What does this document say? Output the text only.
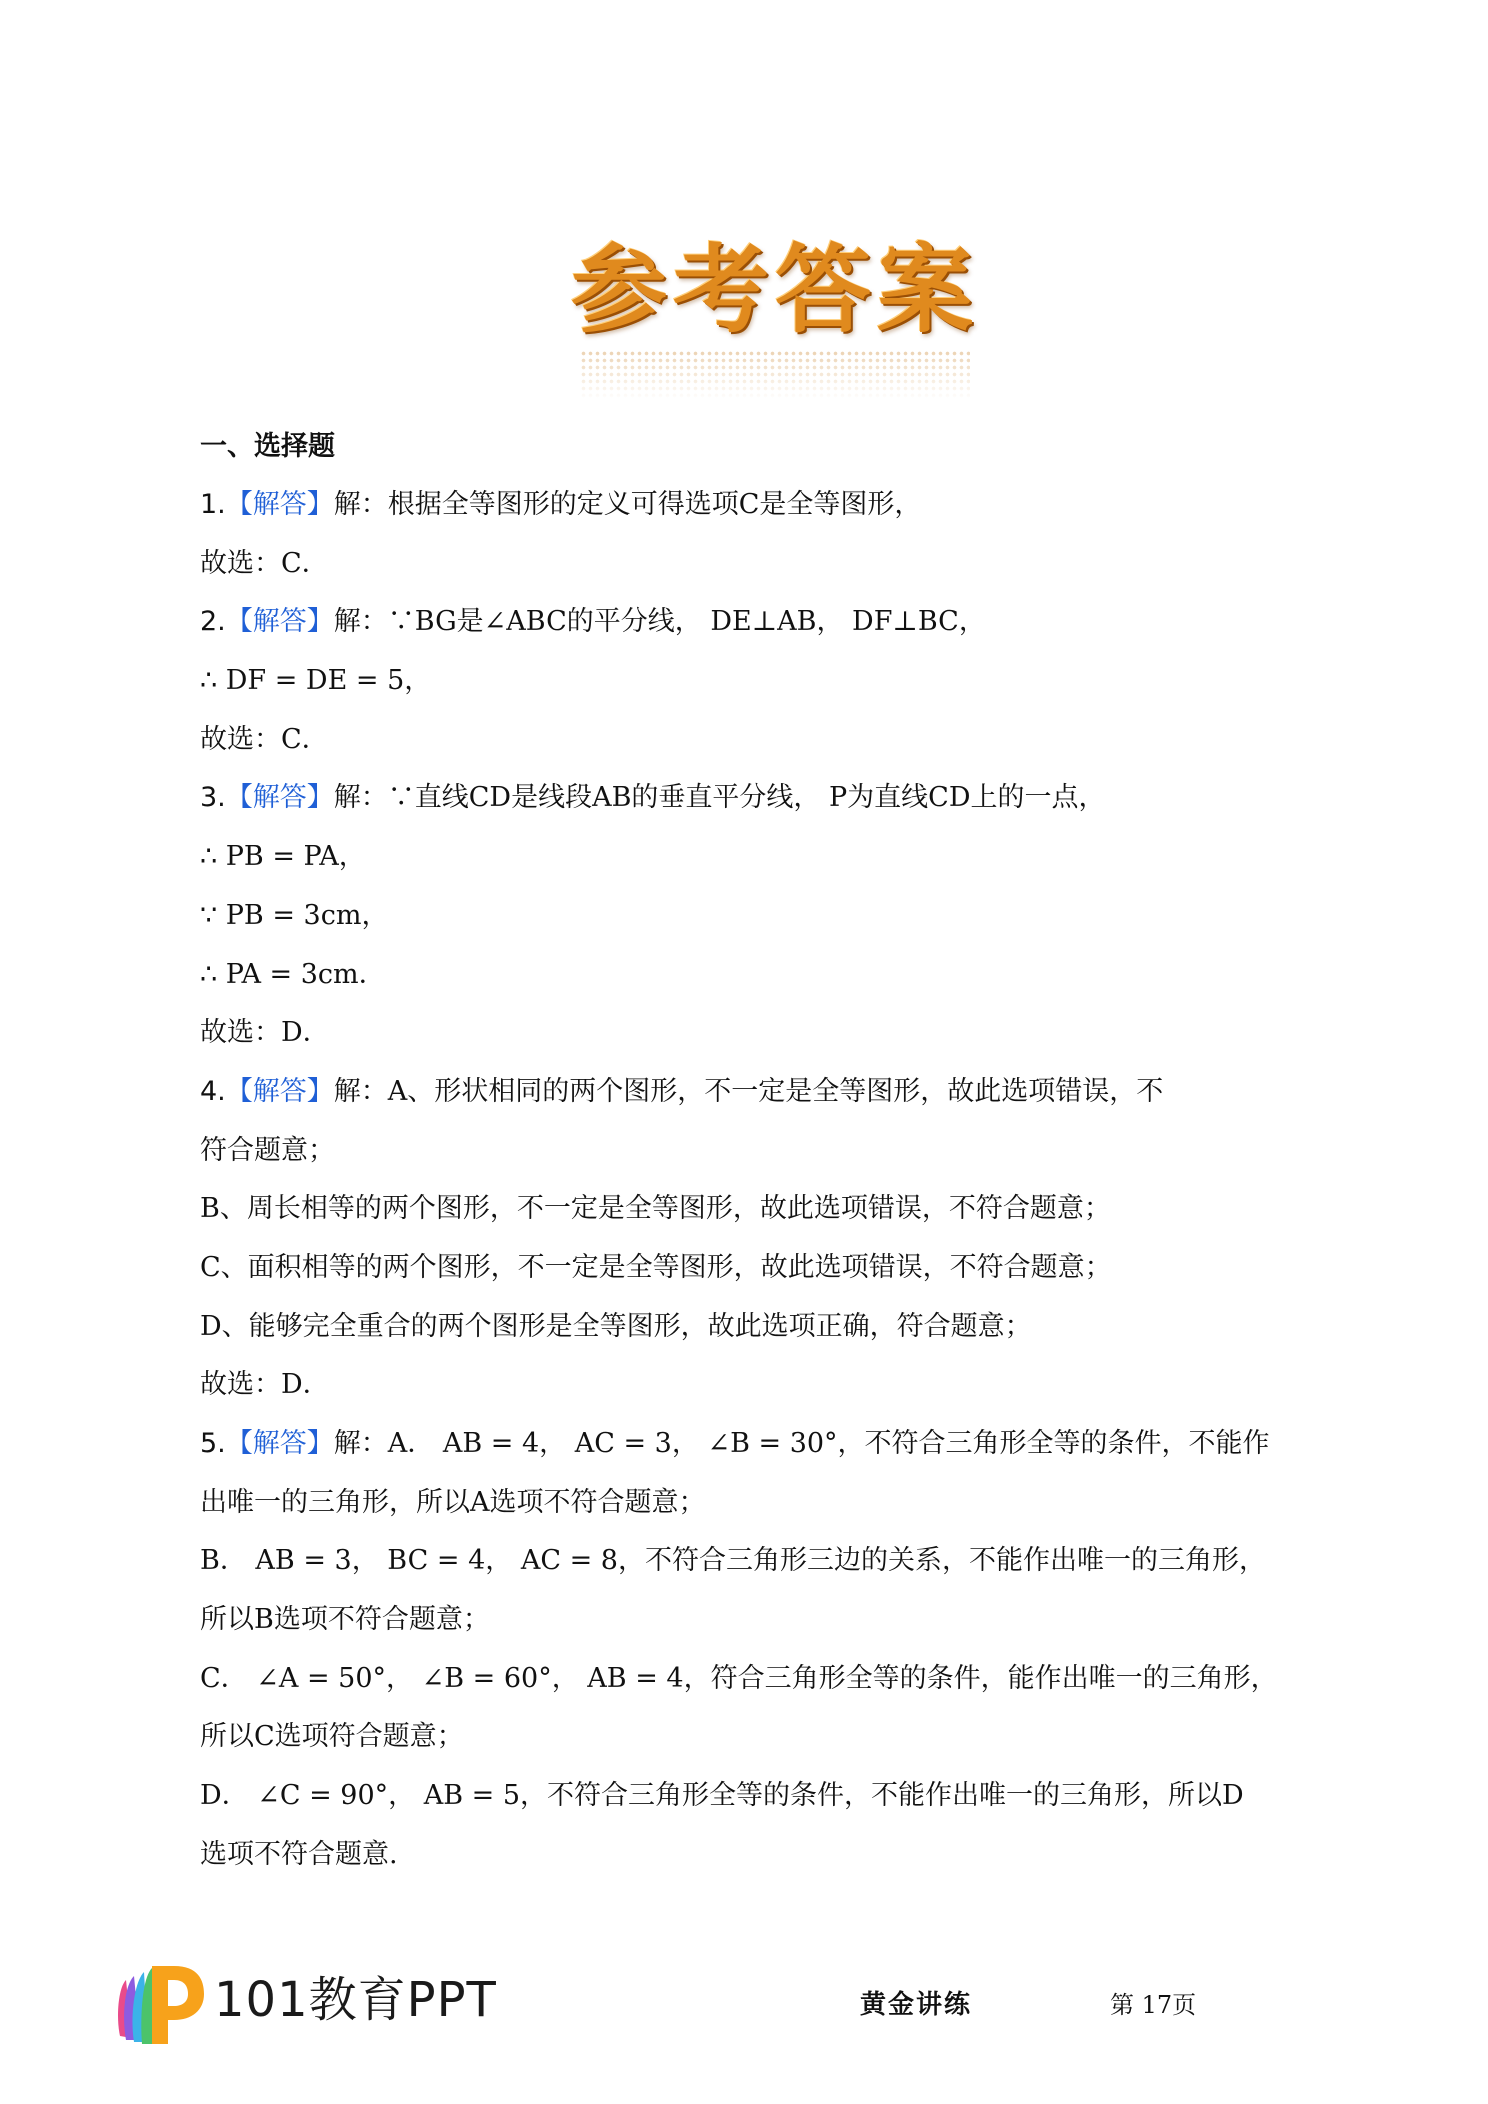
参考答案
一、选择题
1.【解答】解：根据全等图形的定义可得选项C是全等图形，
故选：C．
2.【解答】解：∵BG是∠ABC的平分线， DE⊥AB， DF⊥BC，
∴ DF = DE = 5，
故选：C．
3.【解答】解：∵直线CD是线段AB的垂直平分线， P为直线CD上的一点，
∴ PB = PA，
∵ PB = 3cm，
∴ PA = 3cm．
故选：D．
4.【解答】解：A、形状相同的两个图形，不一定是全等图形，故此选项错误，不
符合题意；
B、周长相等的两个图形，不一定是全等图形，故此选项错误，不符合题意；
C、面积相等的两个图形，不一定是全等图形，故此选项错误，不符合题意；
D、能够完全重合的两个图形是全等图形，故此选项正确，符合题意；
故选：D．
5.【解答】解：A． AB = 4， AC = 3， ∠B = 30°，不符合三角形全等的条件，不能作
出唯一的三角形，所以A选项不符合题意；
B． AB = 3， BC = 4， AC = 8，不符合三角形三边的关系，不能作出唯一的三角形，
所以B选项不符合题意；
C． ∠A = 50°， ∠B = 60°， AB = 4，符合三角形全等的条件，能作出唯一的三角形，
所以C选项符合题意；
D． ∠C = 90°， AB = 5，不符合三角形全等的条件，不能作出唯一的三角形，所以D
选项不符合题意.
101教育PPT	黄金讲练	第 17页
